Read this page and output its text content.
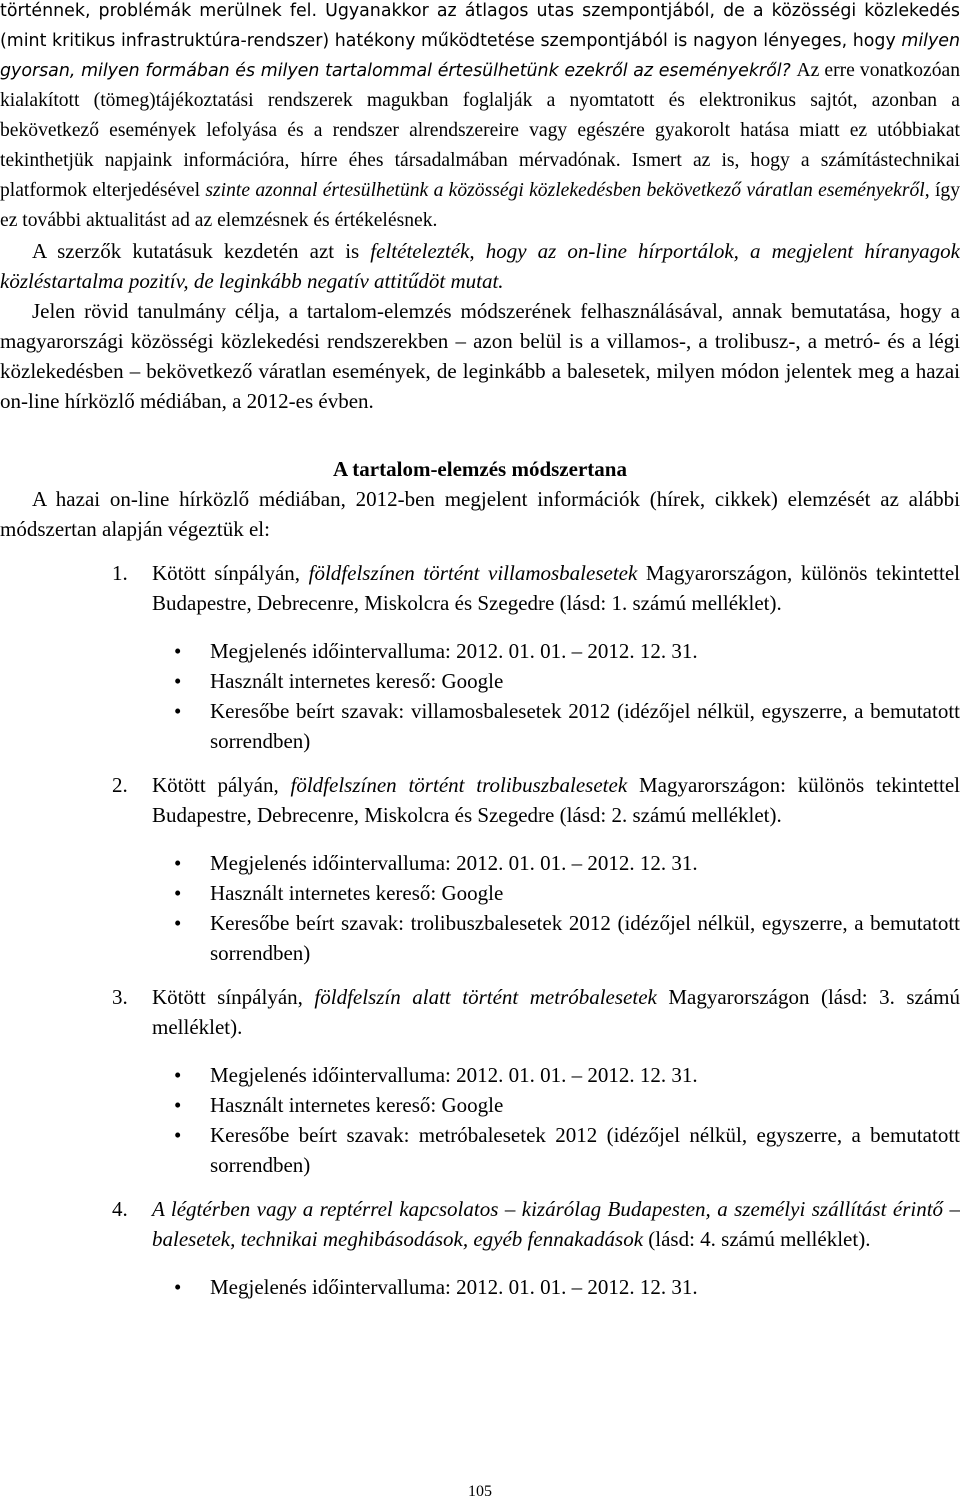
történnek, problémák merülnek fel. Ugyanakkor az átlagos utas szempontjából, de a közösségi közlekedés (mint kritikus infrastruktúra-rendszer) hatékony működtetése szempontjából is nagyon lényeges, hogy milyen gyorsan, milyen formában és milyen tartalommal értesülhetünk ezekről az eseményekről? Az erre vonatkozóan kialakított (tömeg)tájékoztatási rendszerek magukban foglalják a nyomtatott és elektronikus sajtót, azonban a bekövetkező események lefolyása és a rendszer alrendszereire vagy egészére gyakorolt hatása miatt ez utóbbiakat tekinthetjük napjaink információra, hírre éhes társadalmában mérvadónak. Ismert az is, hogy a számítástechnikai platformok elterjedésével szinte azonnal értesülhetünk a közösségi közlekedésben bekövetkező váratlan eseményekről, így ez további aktualitást ad az elemzésnek és értékelésnek.

A szerzők kutatásuk kezdetén azt is feltételezték, hogy az on-line hírportálok, a megjelent híranyagok közléstartalma pozitív, de leginkább negatív attitűdöt mutat.

Jelen rövid tanulmány célja, a tartalom-elemzés módszerének felhasználásával, annak bemutatása, hogy a magyarországi közösségi közlekedési rendszerekben – azon belül is a villamos-, a trolibusz-, a metró- és a légi közlekedésben – bekövetkező váratlan események, de leginkább a balesetek, milyen módon jelentek meg a hazai on-line hírközlő médiában, a 2012-es évben.

A tartalom-elemzés módszertana

A hazai on-line hírközlő médiában, 2012-ben megjelent információk (hírek, cikkek) elemzését az alábbi módszertan alapján végeztük el:

1. Kötött sínpályán, földfelszínen történt villamosbalesetek Magyarországon, különös tekintettel Budapestre, Debrecenre, Miskolcra és Szegedre (lásd: 1. számú melléklet).
• Megjelenés időintervalluma: 2012. 01. 01. – 2012. 12. 31.
• Használt internetes kereső: Google
• Keresőbe beírt szavak: villamosbalesetek 2012 (idézőjel nélkül, egyszerre, a bemutatott sorrendben)
2. Kötött pályán, földfelszínen történt trolibuszbalesetek Magyarországon: különös tekintettel Budapestre, Debrecenre, Miskolcra és Szegedre (lásd: 2. számú melléklet).
• Megjelenés időintervalluma: 2012. 01. 01. – 2012. 12. 31.
• Használt internetes kereső: Google
• Keresőbe beírt szavak: trolibuszbalesetek 2012 (idézőjel nélkül, egyszerre, a bemutatott sorrendben)
3. Kötött sínpályán, földfelszín alatt történt metróbalesetek Magyarországon (lásd: 3. számú melléklet).
• Megjelenés időintervalluma: 2012. 01. 01. – 2012. 12. 31.
• Használt internetes kereső: Google
• Keresőbe beírt szavak: metróbalesetek 2012 (idézőjel nélkül, egyszerre, a bemutatott sorrendben)
4. A légtérben vagy a reptérrel kapcsolatos – kizárólag Budapesten, a személyi szállítást érintő – balesetek, technikai meghibásodások, egyéb fennakadások (lásd: 4. számú melléklet).
• Megjelenés időintervalluma: 2012. 01. 01. – 2012. 12. 31.
105
